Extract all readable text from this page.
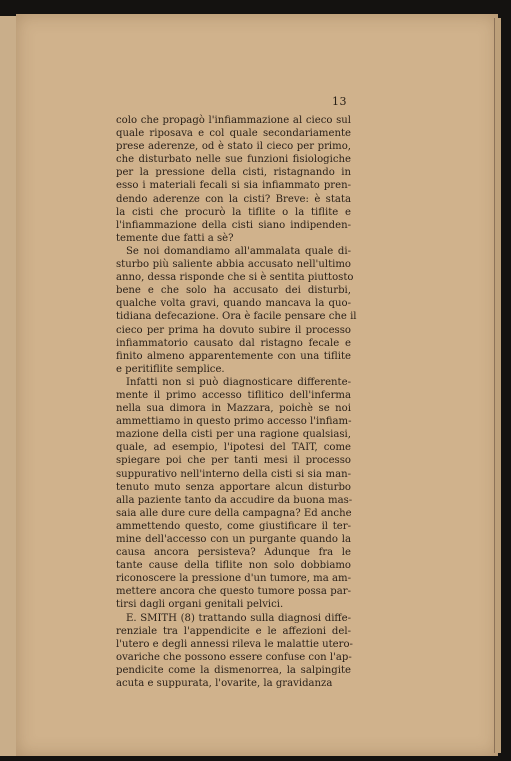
13
colo che propagò l'infiammazione al cieco sul
quale riposava e col quale secondariamente
prese aderenze, od è stato il cieco per primo,
che disturbato nelle sue funzioni fisiologiche
per la pressione della cisti, ristagnando in
esso i materiali fecali si sia infiammato pren-
dendo aderenze con la cisti? Breve: è stata
la cisti che procurò la tiflite o la tiflite e
l'infiammazione della cisti siano indipenden-
temente due fatti a sè?
Se noi domandiamo all'ammalata quale di-
sturbo più saliente abbia accusato nell'ultimo
anno, dessa risponde che si è sentita piuttosto
bene e che solo ha accusato dei disturbi,
qualche volta gravi, quando mancava la quo-
tidiana defecazione. Ora è facile pensare che il
cieco per prima ha dovuto subire il processo
infiammatorio causato dal ristagno fecale e
finito almeno apparentemente con una tiflite
e peritiflite semplice.
Infatti non si può diagnosticare differente-
mente il primo accesso tiflitico dell'inferma
nella sua dimora in Mazzara, poichè se noi
ammettiamo in questo primo accesso l'infiam-
mazione della cisti per una ragione qualsiasi,
quale, ad esempio, l'ipotesi del TAIT, come
spiegare poi che per tanti mesi il processo
suppurativo nell'interno della cisti si sia man-
tenuto muto senza apportare alcun disturbo
alla paziente tanto da accudire da buona mas-
saia alle dure cure della campagna? Ed anche
ammettendo questo, come giustificare il ter-
mine dell'accesso con un purgante quando la
causa ancora persisteva? Adunque fra le
tante cause della tiflite non solo dobbiamo
riconoscere la pressione d'un tumore, ma am-
mettere ancora che questo tumore possa par-
tirsi dagli organi genitali pelvici.
E. SMITH (8) trattando sulla diagnosi diffe-
renziale tra l'appendicite e le affezioni del-
l'utero e degli annessi rileva le malattie utero-
ovariche che possono essere confuse con l'ap-
pendicite come la dismenorrea, la salpingite
acuta e suppurata, l'ovarite, la gravidanza
